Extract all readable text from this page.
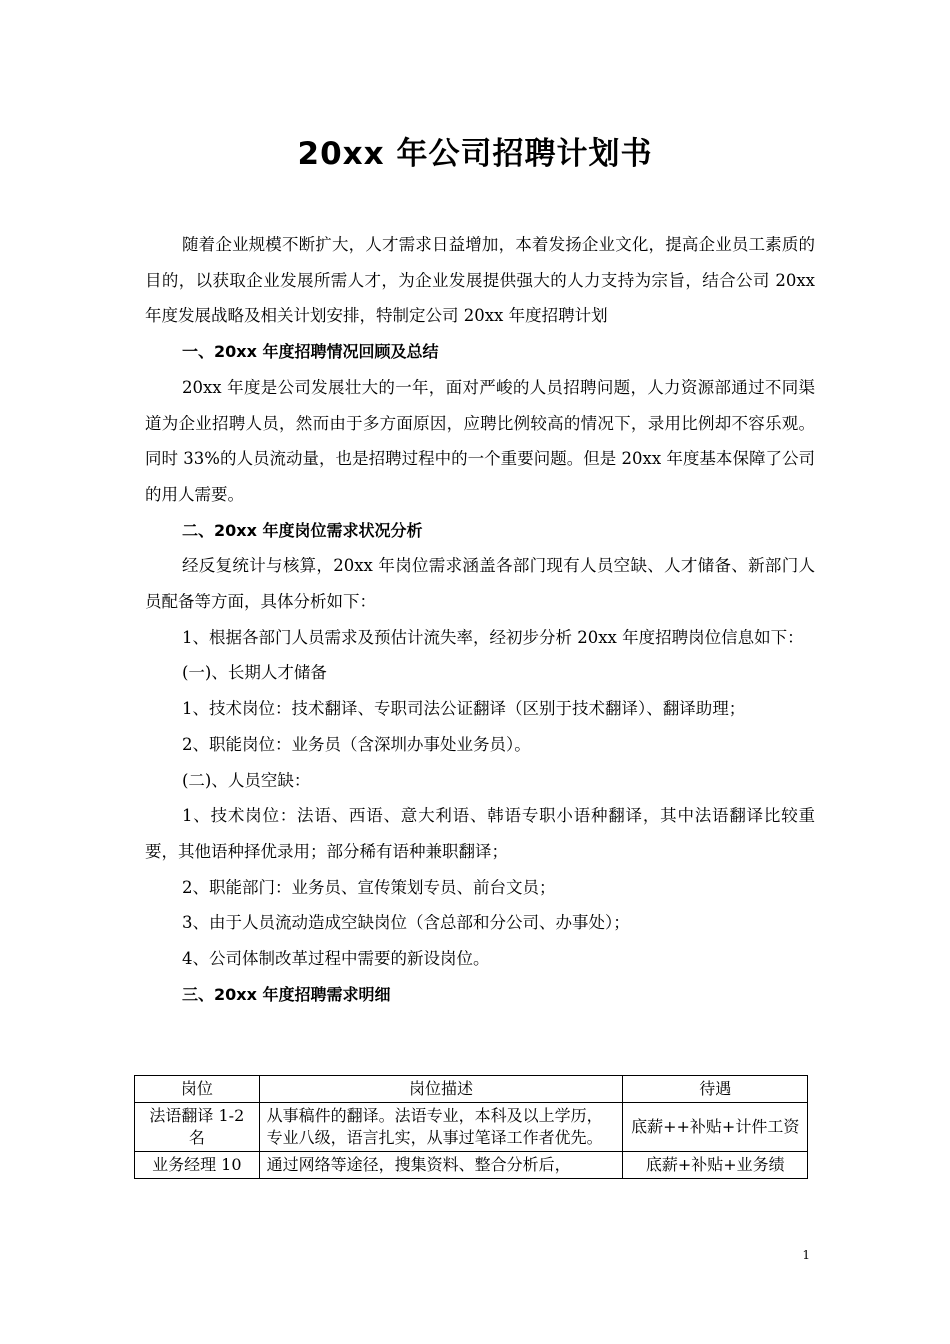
20xx 年公司招聘计划书

随着企业规模不断扩大，人才需求日益增加，本着发扬企业文化，提高企业员工素质的目的，以获取企业发展所需人才，为企业发展提供强大的人力支持为宗旨，结合公司 20xx 年度发展战略及相关计划安排，特制定公司 20xx 年度招聘计划

一、20xx 年度招聘情况回顾及总结

20xx 年度是公司发展壮大的一年，面对严峻的人员招聘问题，人力资源部通过不同渠道为企业招聘人员，然而由于多方面原因，应聘比例较高的情况下，录用比例却不容乐观。同时 33%的人员流动量，也是招聘过程中的一个重要问题。但是 20xx 年度基本保障了公司的用人需要。

二、20xx 年度岗位需求状况分析

经反复统计与核算，20xx 年岗位需求涵盖各部门现有人员空缺、人才储备、新部门人员配备等方面，具体分析如下：

1、根据各部门人员需求及预估计流失率，经初步分析 20xx 年度招聘岗位信息如下：

(一)、长期人才储备

1、技术岗位：技术翻译、专职司法公证翻译（区别于技术翻译）、翻译助理；

2、职能岗位：业务员（含深圳办事处业务员）。

(二)、人员空缺：

1、技术岗位：法语、西语、意大利语、韩语专职小语种翻译，其中法语翻译比较重要，其他语种择优录用；部分稀有语种兼职翻译；

2、职能部门：业务员、宣传策划专员、前台文员；

3、由于人员流动造成空缺岗位（含总部和分公司、办事处）；

4、公司体制改革过程中需要的新设岗位。

三、20xx 年度招聘需求明细

岗位	岗位描述	待遇
法语翻译 1-2 名	从事稿件的翻译。法语专业，本科及以上学历，专业八级，语言扎实，从事过笔译工作者优先。	底薪++补贴+计件工资
业务经理 10	通过网络等途径，搜集资料、整合分析后，	底薪+补贴+业务绩
1
